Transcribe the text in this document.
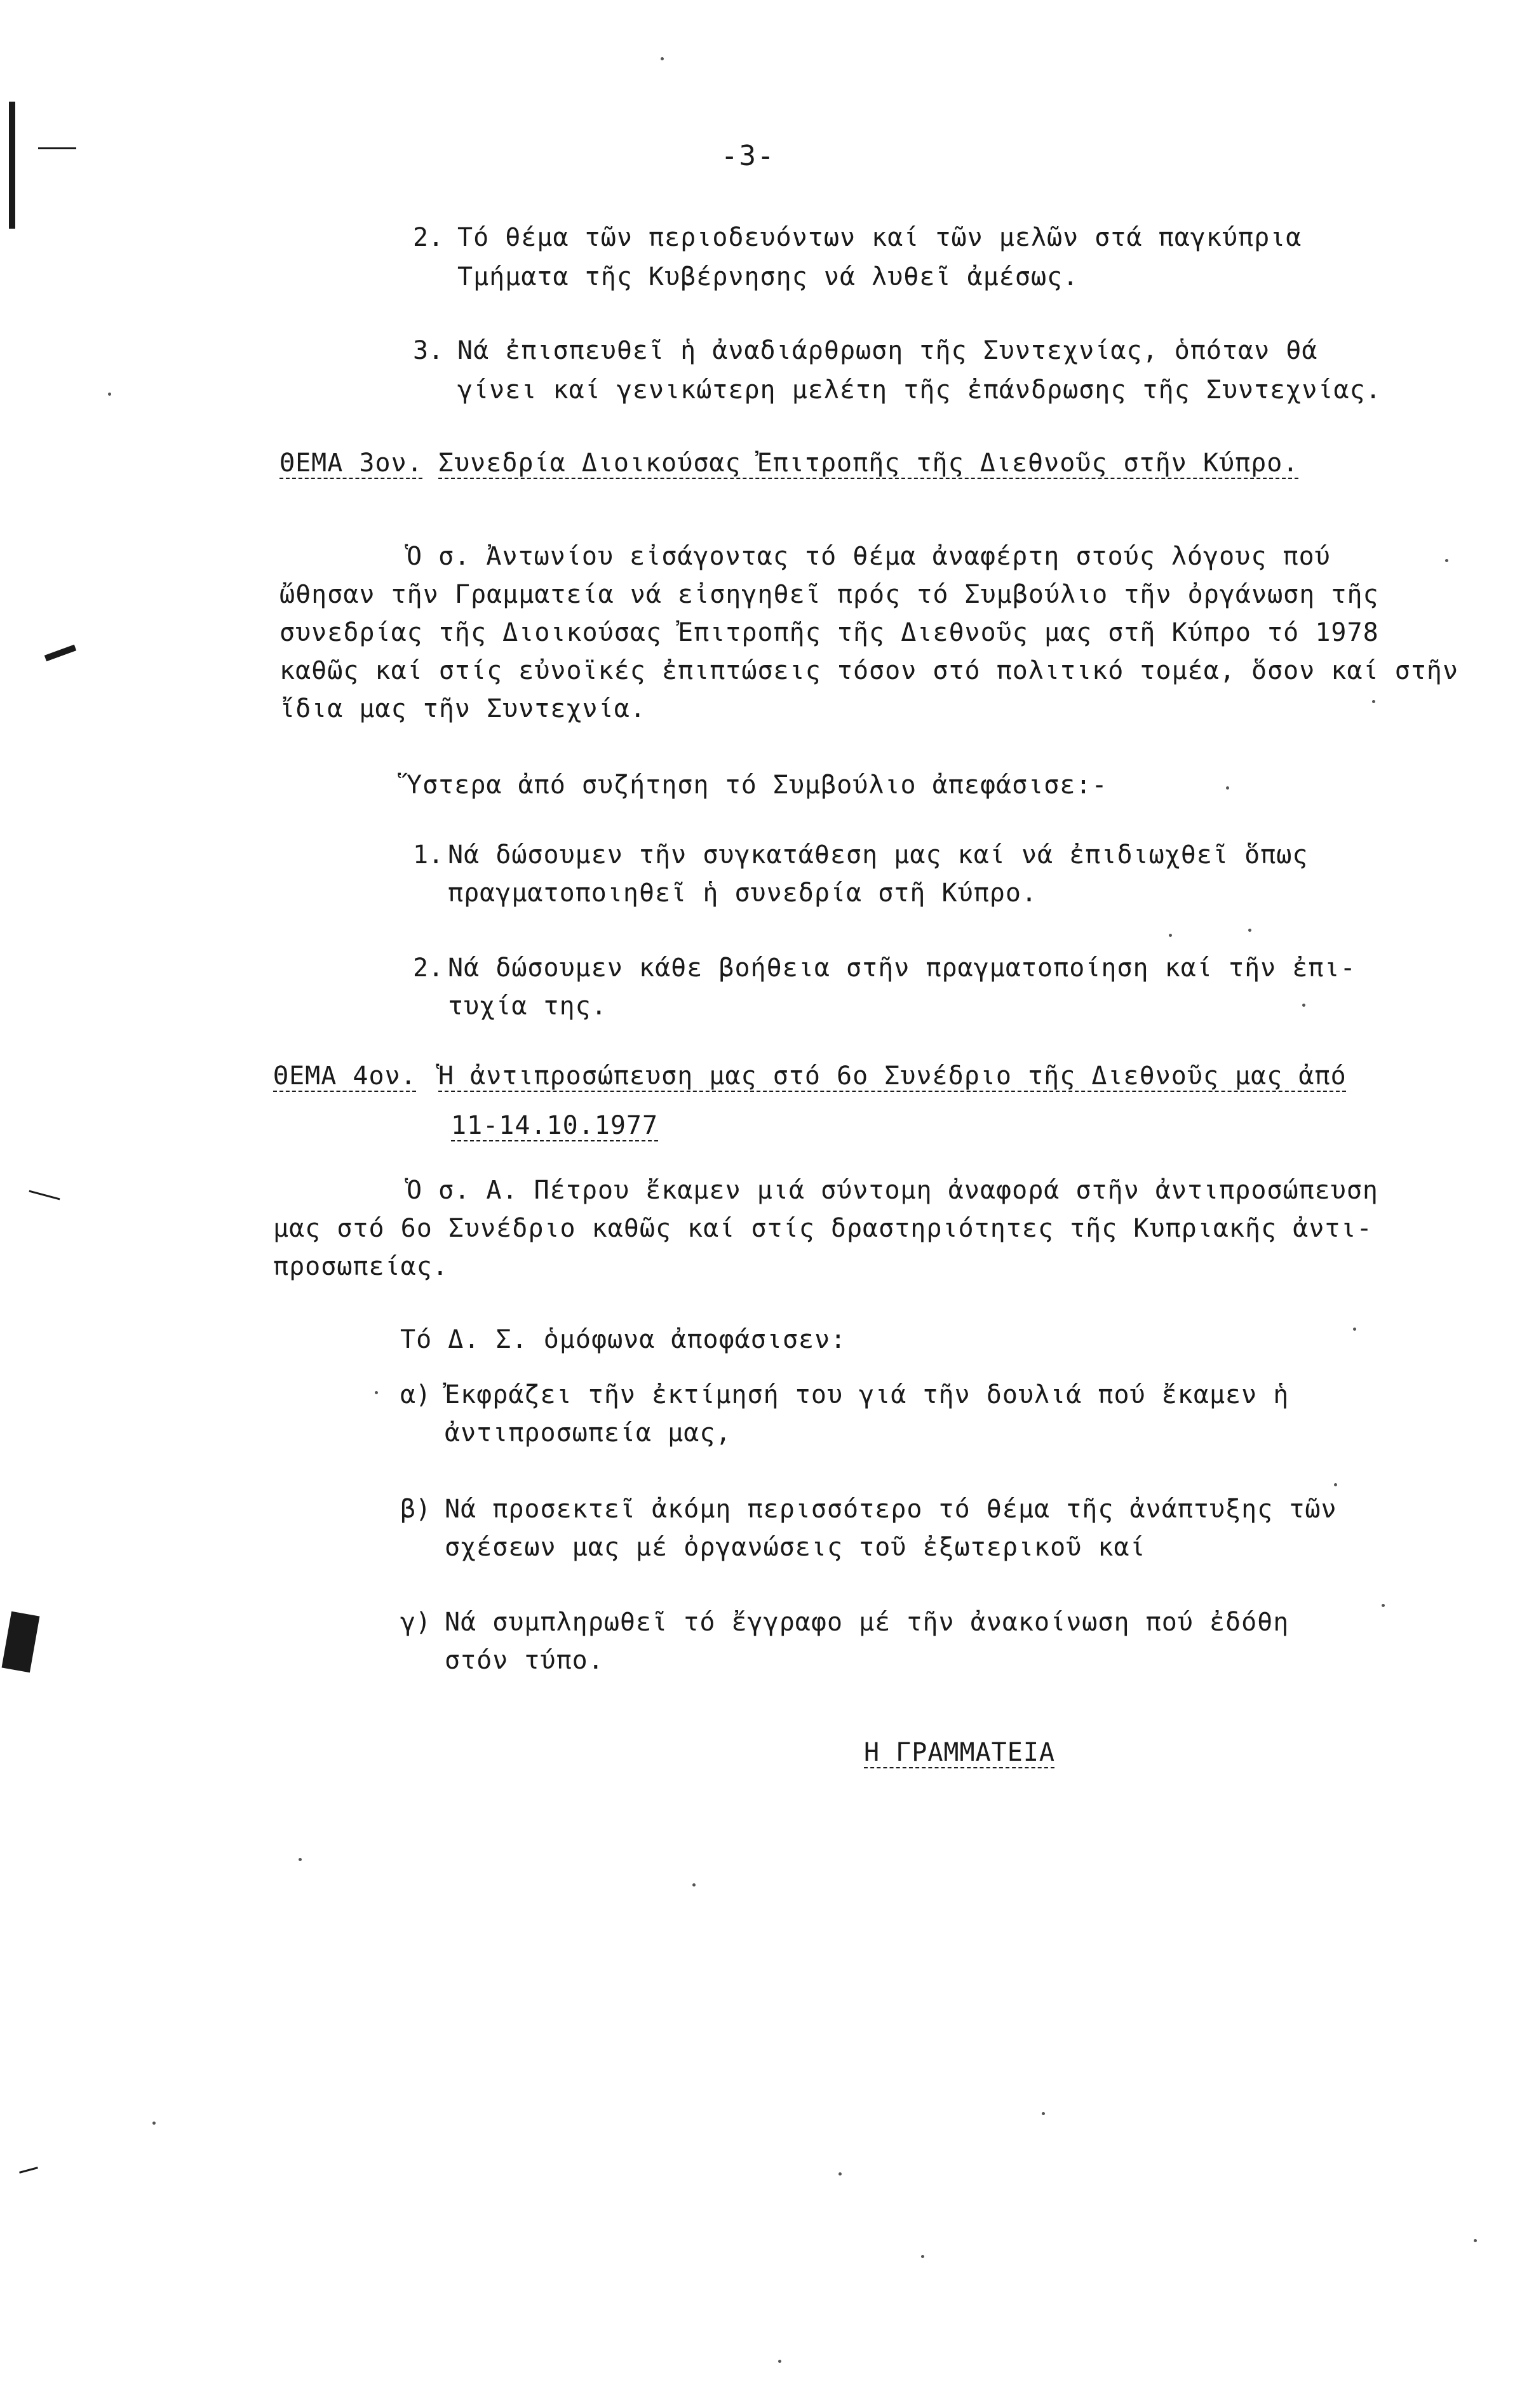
-3-
2. Τό θέμα τῶν περιοδευόντων καί τῶν μελῶν στά παγκύπρια
Τμήματα τῆς Κυβέρνησης νά λυθεῖ ἀμέσως.
3. Νά ἐπισπευθεῖ ἡ ἀναδιάρθρωση τῆς Συντεχνίας, ὁπόταν θά
γίνει καί γενικώτερη μελέτη τῆς ἐπάνδρωσης τῆς Συντεχνίας.
ΘΕΜΑ 3ον. Συνεδρία Διοικούσας Ἐπιτροπῆς τῆς Διεθνοῦς στῆν Κύπρο.
Ὁ σ. Ἀντωνίου εἰσάγοντας τό θέμα ἀναφέρτη στούς λόγους πού
ὤθησαν τῆν Γραμματεία νά εἰσηγηθεῖ πρός τό Συμβούλιο τῆν ὀργάνωση τῆς
συνεδρίας τῆς Διοικούσας Ἐπιτροπῆς τῆς Διεθνοῦς μας στῆ Κύπρο τό 1978
καθῶς καί στίς εὐνοϊκές ἐπιπτώσεις τόσον στό πολιτικό τομέα, ὅσον καί στῆν
ἴδια μας τῆν Συντεχνία.
Ὕστερα ἀπό συζήτηση τό Συμβούλιο ἀπεφάσισε:-
1. Νά δώσουμεν τῆν συγκατάθεση μας καί νά ἐπιδιωχθεῖ ὅπως
πραγματοποιηθεῖ ἡ συνεδρία στῆ Κύπρο.
2. Νά δώσουμεν κάθε βοήθεια στῆν πραγματοποίηση καί τῆν ἐπι-
τυχία της.
ΘΕΜΑ 4ον. Ἡ ἀντιπροσώπευση μας στό 6ο Συνέδριο τῆς Διεθνοῦς μας ἀπό
11-14.10.1977
Ὁ σ. Α. Πέτρου ἔκαμεν μιά σύντομη ἀναφορά στῆν ἀντιπροσώπευση
μας στό 6ο Συνέδριο καθῶς καί στίς δραστηριότητες τῆς Κυπριακῆς ἀντι-
προσωπείας.
Τό Δ. Σ. ὁμόφωνα ἀποφάσισεν:
α) Ἐκφράζει τῆν ἐκτίμησή του γιά τῆν δουλιά πού ἔκαμεν ἡ
ἀντιπροσωπεία μας,
β) Νά προσεκτεῖ ἀκόμη περισσότερο τό θέμα τῆς ἀνάπτυξης τῶν
σχέσεων μας μέ ὀργανώσεις τοῦ ἐξωτερικοῦ καί
γ) Νά συμπληρωθεῖ τό ἔγγραφο μέ τῆν ἀνακοίνωση πού ἐδόθη
στόν τύπο.
Η ΓΡΑΜΜΑΤΕΙΑ
